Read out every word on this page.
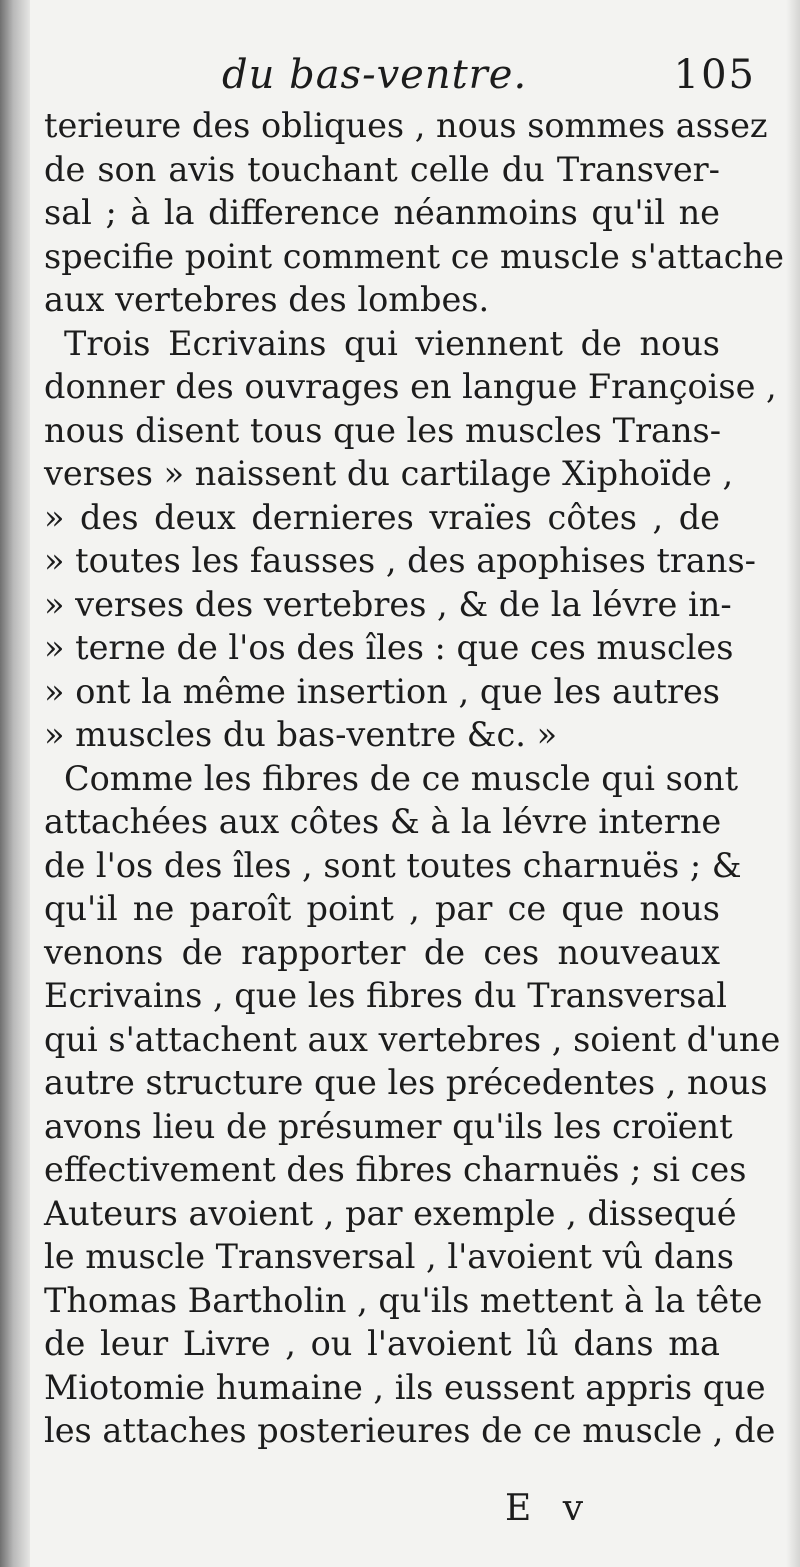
du bas-ventre.	105
terieure des obliques , nous sommes assez
de son avis touchant celle du Transver-
sal ; à la difference néanmoins qu'il ne
specifie point comment ce muscle s'attache
aux vertebres des lombes.
Trois Ecrivains qui viennent de nous
donner des ouvrages en langue Françoise ,
nous disent tous que les muscles Trans-
verses » naissent du cartilage Xiphoïde ,
» des deux dernieres vraïes côtes , de
» toutes les fausses , des apophises trans-
» verses des vertebres , & de la lévre in-
» terne de l'os des îles : que ces muscles
» ont la même insertion , que les autres
» muscles du bas-ventre &c. »
Comme les fibres de ce muscle qui sont
attachées aux côtes & à la lévre interne
de l'os des îles , sont toutes charnuës ; &
qu'il ne paroît point , par ce que nous
venons de rapporter de ces nouveaux
Ecrivains , que les fibres du Transversal
qui s'attachent aux vertebres , soient d'une
autre structure que les précedentes , nous
avons lieu de présumer qu'ils les croïent
effectivement des fibres charnuës ; si ces
Auteurs avoient , par exemple , dissequé
le muscle Transversal , l'avoient vû dans
Thomas Bartholin , qu'ils mettent à la tête
de leur Livre , ou l'avoient lû dans ma
Miotomie humaine , ils eussent appris que
les attaches posterieures de ce muscle , de
E v
